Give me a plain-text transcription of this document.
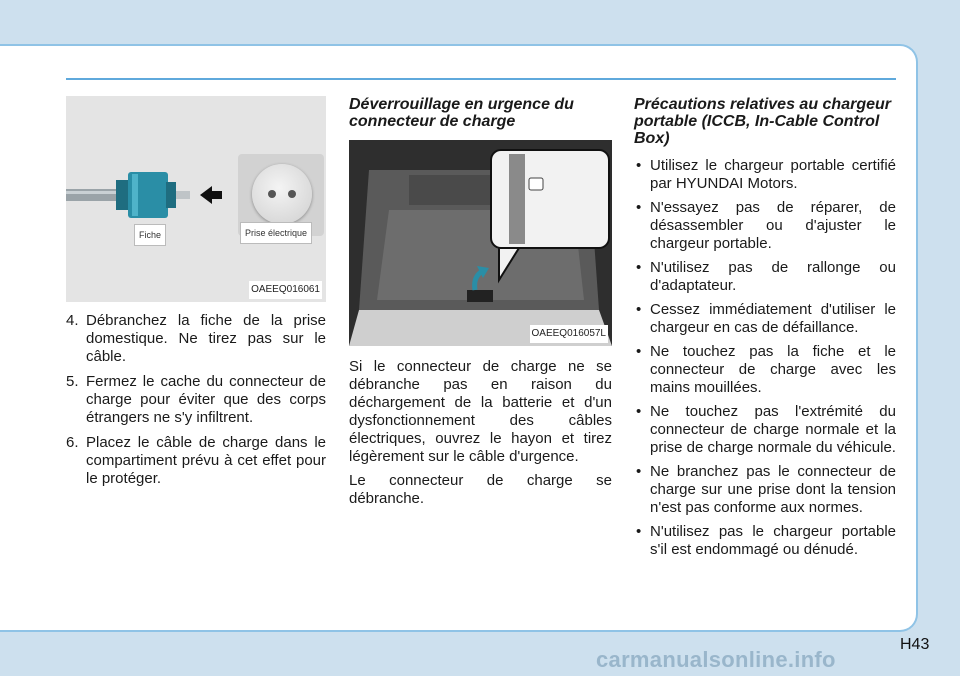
Fiche	Prise électrique
OAEEQ016061
4. Débranchez la fiche de la prise domestique. Ne tirez pas sur le câble.
5. Fermez le cache du connecteur de charge pour éviter que des corps étrangers ne s'y infiltrent.
6. Placez le câble de charge dans le compartiment prévu à cet effet pour le protéger.
Déverrouillage en urgence du connecteur de charge
OAEEQ016057L

Si le connecteur de charge ne se débranche pas en raison du déchargement de la batterie et d'un dysfonctionnement des câbles électriques, ouvrez le hayon et tirez légèrement sur le câble d'urgence.

Le connecteur de charge se débranche.

Précautions relatives au chargeur portable (ICCB, In-Cable Control Box)
• Utilisez le chargeur portable certifié par HYUNDAI Motors.
• N'essayez pas de réparer, de désassembler ou d'ajuster le chargeur portable.
• N'utilisez pas de rallonge ou d'adaptateur.
• Cessez immédiatement d'utiliser le chargeur en cas de défaillance.
• Ne touchez pas la fiche et le connecteur de charge avec les mains mouillées.
• Ne touchez pas l'extrémité du connecteur de charge normale et la prise de charge normale du véhicule.
• Ne branchez pas le connecteur de charge sur une prise dont la tension n'est pas conforme aux normes.
• N'utilisez pas le chargeur portable s'il est endommagé ou dénudé.
H43
carmanualsonline.info
